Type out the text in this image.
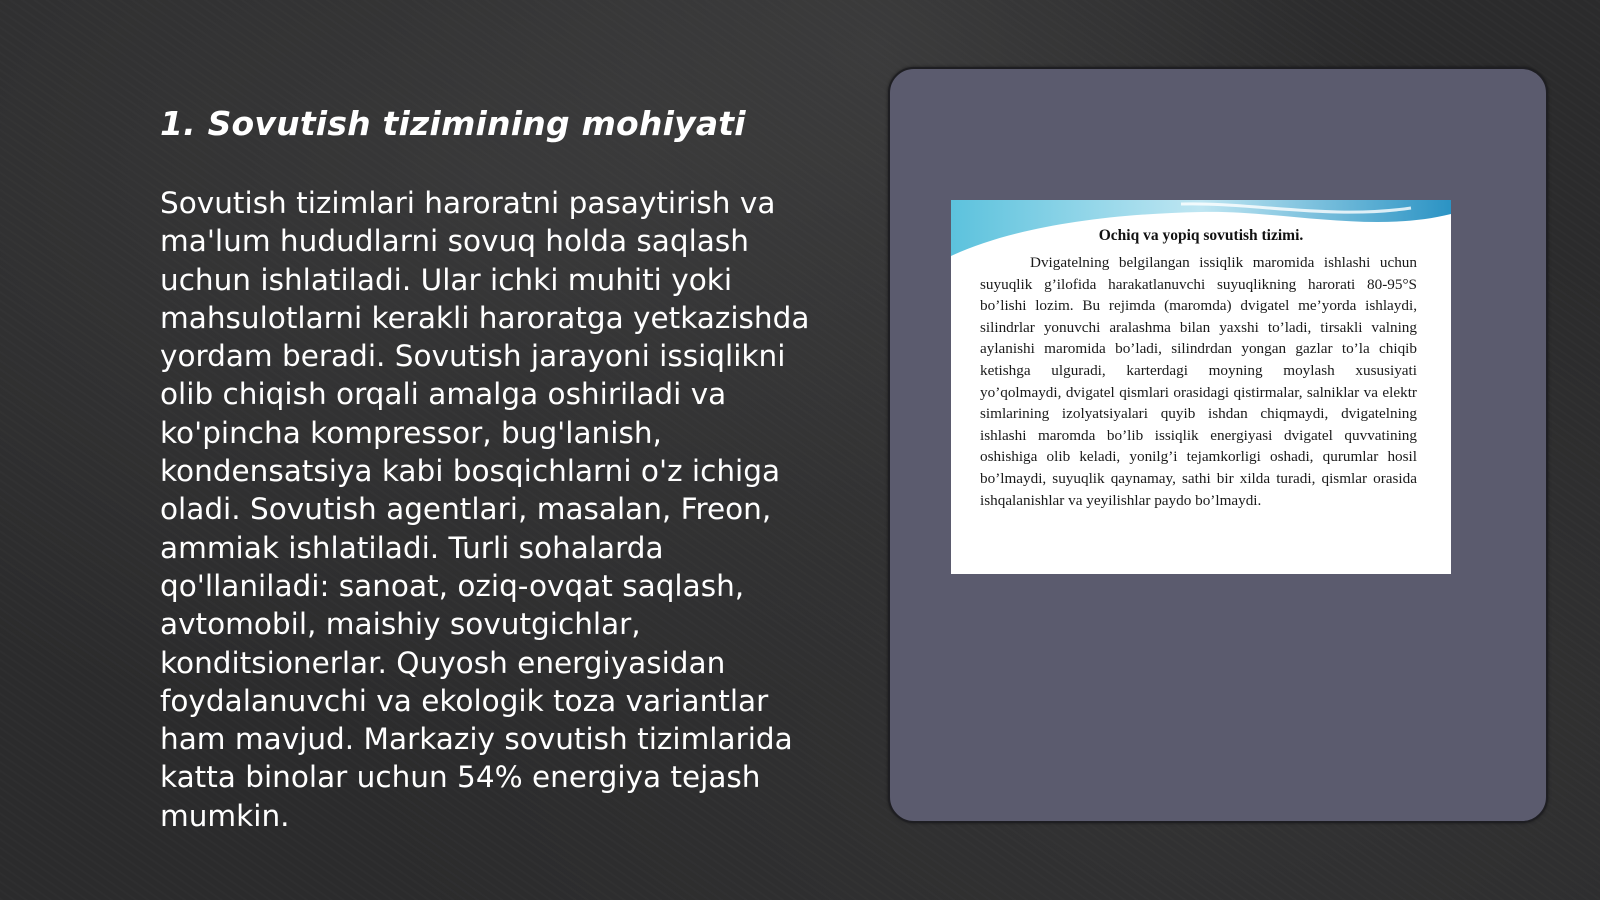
1. Sovutish tizimining mohiyati

Sovutish tizimlari haroratni pasaytirish va ma'lum hududlarni sovuq holda saqlash uchun ishlatiladi. Ular ichki muhiti yoki mahsulotlarni kerakli haroratga yetkazishda yordam beradi. Sovutish jarayoni issiqlikni olib chiqish orqali amalga oshiriladi va ko'pincha kompressor, bug'lanish, kondensatsiya kabi bosqichlarni o'z ichiga oladi. Sovutish agentlari, masalan, Freon, ammiak ishlatiladi. Turli sohalarda qo'llaniladi: sanoat, oziq-ovqat saqlash, avtomobil, maishiy sovutgichlar, konditsionerlar. Quyosh energiyasidan foydalanuvchi va ekologik toza variantlar ham mavjud. Markaziy sovutish tizimlarida katta binolar uchun 54% energiya tejash mumkin.

Ochiq va yopiq sovutish tizimi.

Dvigatelning belgilangan issiqlik maromida ishlashi uchun suyuqlik g’ilofida harakatlanuvchi suyuqlikning harorati 80-95°S bo’lishi lozim. Bu rejimda (maromda) dvigatel me’yorda ishlaydi, silindrlar yonuvchi aralashma bilan yaxshi to’ladi, tirsakli valning aylanishi maromida bo’ladi, silindrdan yongan gazlar to’la chiqib ketishga ulguradi, karterdagi moyning moylash xususiyati yo’qolmaydi, dvigatel qismlari orasidagi qistirmalar, salniklar va elektr simlarining izolyatsiyalari quyib ishdan chiqmaydi, dvigatelning ishlashi maromda bo’lib issiqlik energiyasi dvigatel quvvatining oshishiga olib keladi, yonilg’i tejamkorligi oshadi, qurumlar hosil bo’lmaydi, suyuqlik qaynamay, sathi bir xilda turadi, qismlar orasida ishqalanishlar va yeyilishlar paydo bo’lmaydi.
